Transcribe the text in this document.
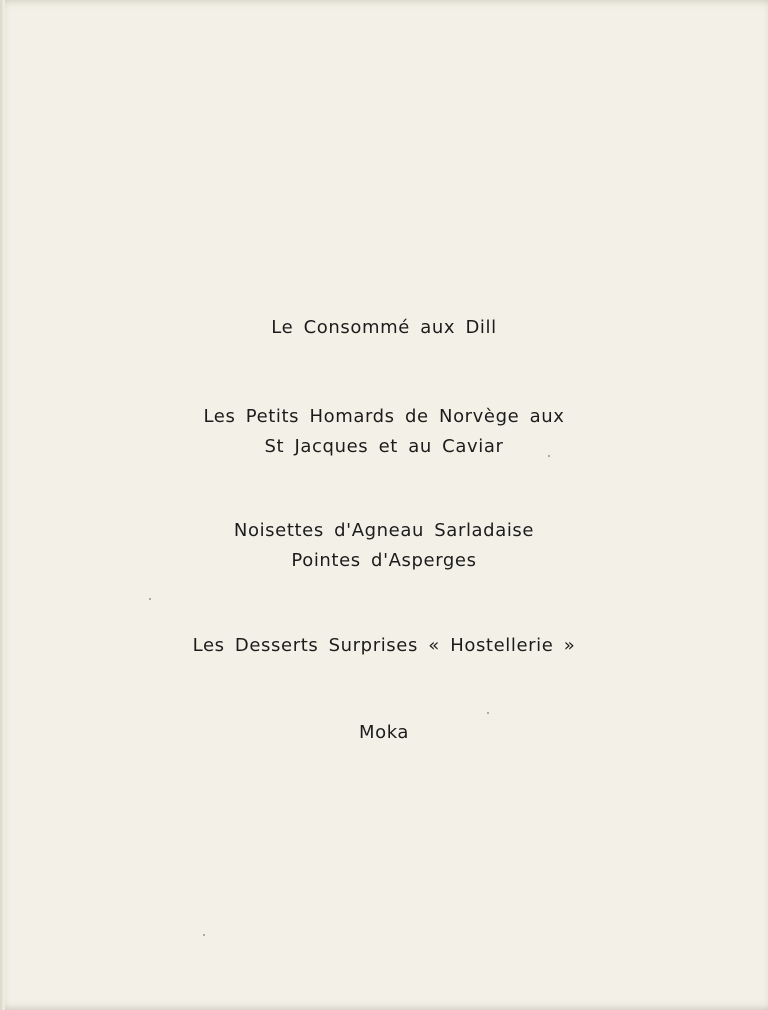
Le Consommé aux Dill
Les Petits Homards de Norvège aux
St Jacques et au Caviar
Noisettes d'Agneau Sarladaise
Pointes d'Asperges
Les Desserts Surprises « Hostellerie »
Moka
